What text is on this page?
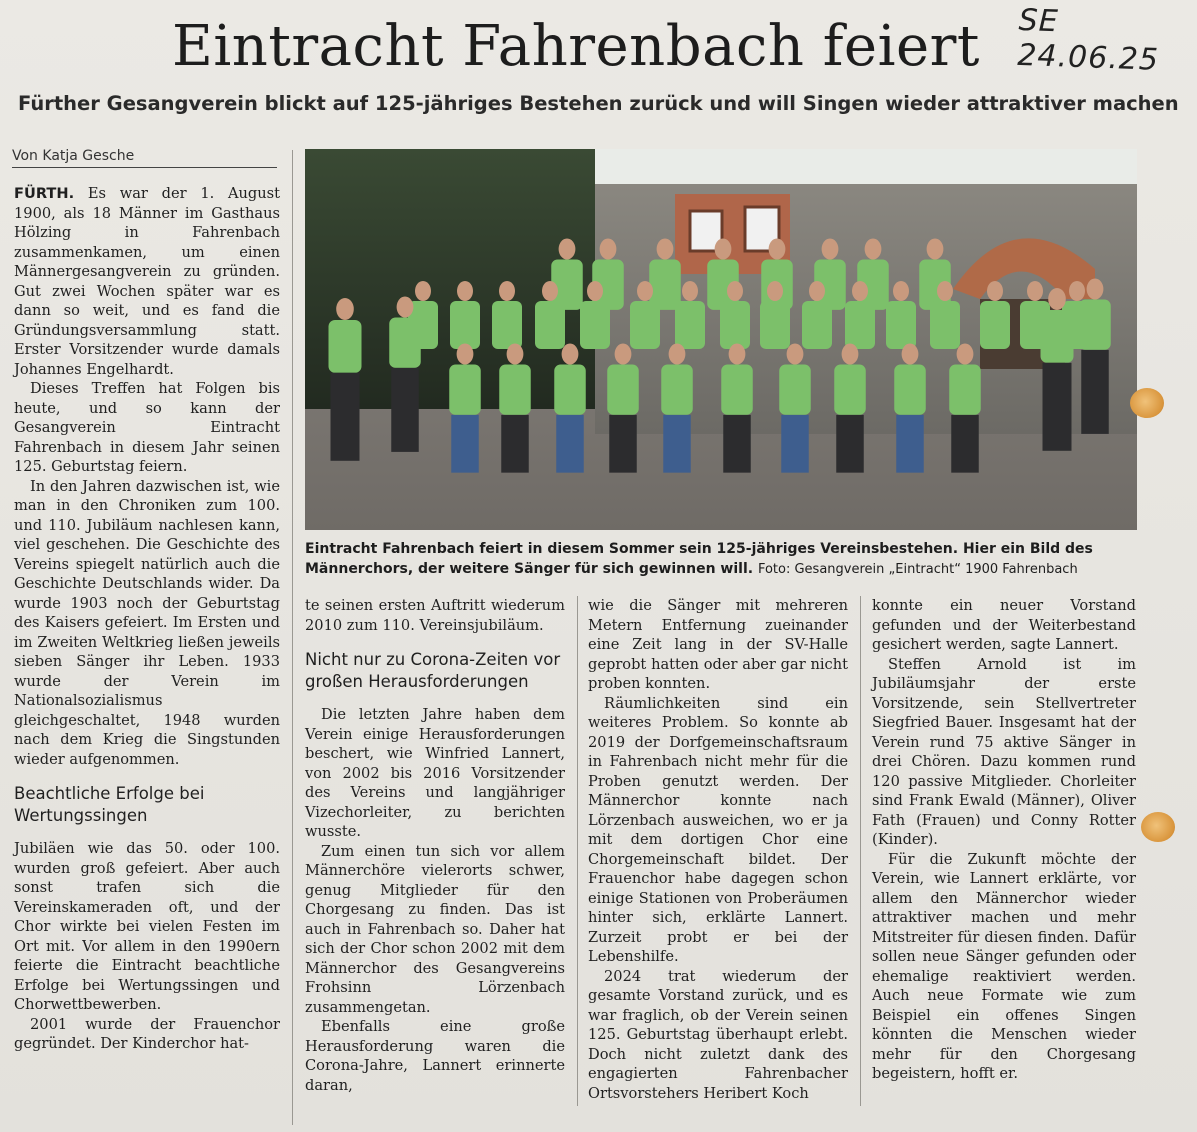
SE 24.06.25
Eintracht Fahrenbach feiert
Fürther Gesangverein blickt auf 125-jähriges Bestehen zurück und will Singen wieder attraktiver machen
Von Katja Gesche

FÜRTH. Es war der 1. August 1900, als 18 Männer im Gasthaus Hölzing in Fahrenbach zusammenkamen, um einen Männergesangverein zu gründen. Gut zwei Wochen später war es dann so weit, und es fand die Gründungsversammlung statt. Erster Vorsitzender wurde damals Johannes Engelhardt.

Dieses Treffen hat Folgen bis heute, und so kann der Gesangverein Eintracht Fahrenbach in diesem Jahr seinen 125. Geburtstag feiern.

In den Jahren dazwischen ist, wie man in den Chroniken zum 100. und 110. Jubiläum nachlesen kann, viel geschehen. Die Geschichte des Vereins spiegelt natürlich auch die Geschichte Deutschlands wider. Da wurde 1903 noch der Geburtstag des Kaisers gefeiert. Im Ersten und im Zweiten Weltkrieg ließen jeweils sieben Sänger ihr Leben. 1933 wurde der Verein im Nationalsozialismus gleichgeschaltet, 1948 wurden nach dem Krieg die Singstunden wieder aufgenommen.

Beachtliche Erfolge bei Wertungssingen

Jubiläen wie das 50. oder 100. wurden groß gefeiert. Aber auch sonst trafen sich die Vereinskameraden oft, und der Chor wirkte bei vielen Festen im Ort mit. Vor allem in den 1990ern feierte die Eintracht beachtliche Erfolge bei Wertungssingen und Chorwettbewerben.

2001 wurde der Frauenchor gegründet. Der Kinderchor hat-

Eintracht Fahrenbach feiert in diesem Sommer sein 125-jähriges Vereinsbestehen. Hier ein Bild des Männerchors, der weitere Sänger für sich gewinnen will. Foto: Gesangverein „Eintracht“ 1900 Fahrenbach

te seinen ersten Auftritt wiederum 2010 zum 110. Vereinsjubiläum.

Nicht nur zu Corona-Zeiten vor großen Herausforderungen

Die letzten Jahre haben dem Verein einige Herausforderungen beschert, wie Winfried Lannert, von 2002 bis 2016 Vorsitzender des Vereins und langjähriger Vizechorleiter, zu berichten wusste.

Zum einen tun sich vor allem Männerchöre vielerorts schwer, genug Mitglieder für den Chorgesang zu finden. Das ist auch in Fahrenbach so. Daher hat sich der Chor schon 2002 mit dem Männerchor des Gesangvereins Frohsinn Lörzenbach zusammengetan.

Ebenfalls eine große Herausforderung waren die Corona-Jahre, Lannert erinnerte daran,

wie die Sänger mit mehreren Metern Entfernung zueinander eine Zeit lang in der SV-Halle geprobt hatten oder aber gar nicht proben konnten.

Räumlichkeiten sind ein weiteres Problem. So konnte ab 2019 der Dorfgemeinschaftsraum in Fahrenbach nicht mehr für die Proben genutzt werden. Der Männerchor konnte nach Lörzenbach ausweichen, wo er ja mit dem dortigen Chor eine Chorgemeinschaft bildet. Der Frauenchor habe dagegen schon einige Stationen von Proberäumen hinter sich, erklärte Lannert. Zurzeit probt er bei der Lebenshilfe.

2024 trat wiederum der gesamte Vorstand zurück, und es war fraglich, ob der Verein seinen 125. Geburtstag überhaupt erlebt. Doch nicht zuletzt dank des engagierten Fahrenbacher Ortsvorstehers Heribert Koch

konnte ein neuer Vorstand gefunden und der Weiterbestand gesichert werden, sagte Lannert.

Steffen Arnold ist im Jubiläumsjahr der erste Vorsitzende, sein Stellvertreter Siegfried Bauer. Insgesamt hat der Verein rund 75 aktive Sänger in drei Chören. Dazu kommen rund 120 passive Mitglieder. Chorleiter sind Frank Ewald (Männer), Oliver Fath (Frauen) und Conny Rotter (Kinder).

Für die Zukunft möchte der Verein, wie Lannert erklärte, vor allem den Männerchor wieder attraktiver machen und mehr Mitstreiter für diesen finden. Dafür sollen neue Sänger gefunden oder ehemalige reaktiviert werden. Auch neue Formate wie zum Beispiel ein offenes Singen könnten die Menschen wieder mehr für den Chorgesang begeistern, hofft er.
